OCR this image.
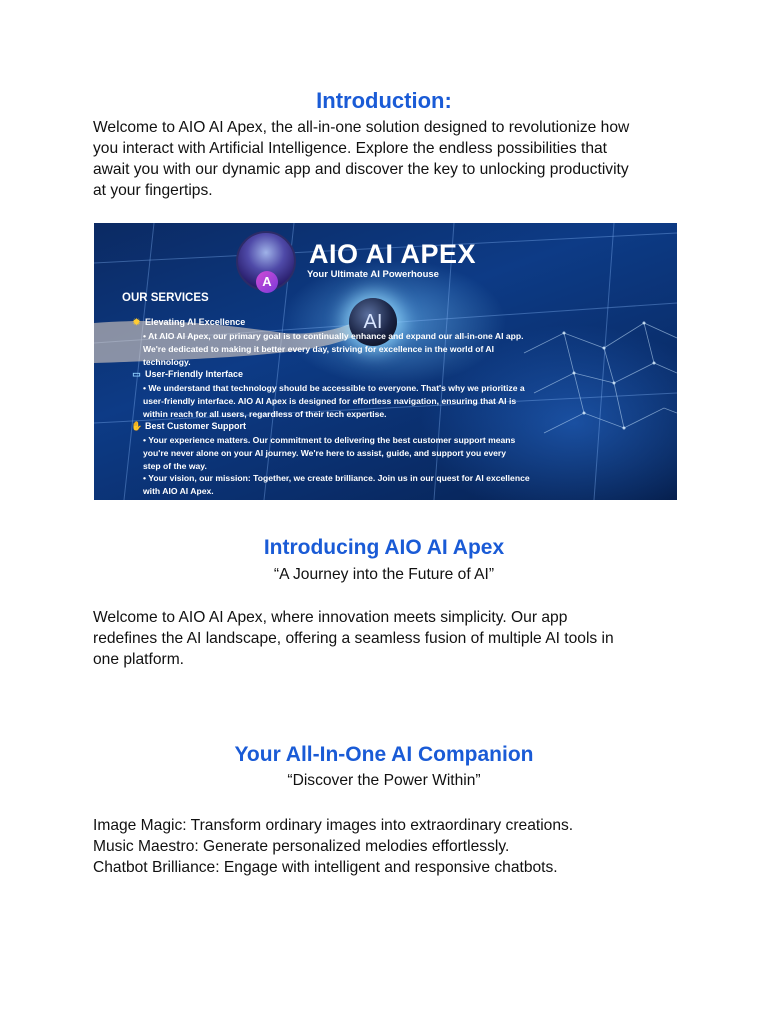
Introduction:
Welcome to AIO AI Apex, the all-in-one solution designed to revolutionize how
you interact with Artificial Intelligence. Explore the endless possibilities that
await you with our dynamic app and discover the key to unlocking productivity
at your fingertips.
A
AI
AIO AI APEX
Your Ultimate AI Powerhouse
OUR SERVICES
✹ Elevating AI Excellence
• At AIO AI Apex, our primary goal is to continually enhance and expand our all-in-one AI app.
We're dedicated to making it better every day, striving for excellence in the world of AI
technology.
▭ User-Friendly Interface
• We understand that technology should be accessible to everyone. That's why we prioritize a
user-friendly interface. AIO AI Apex is designed for effortless navigation, ensuring that AI is
within reach for all users, regardless of their tech expertise.
✋ Best Customer Support
• Your experience matters. Our commitment to delivering the best customer support means
you're never alone on your AI journey. We're here to assist, guide, and support you every
step of the way.
• Your vision, our mission: Together, we create brilliance. Join us in our quest for AI excellence
with AIO AI Apex.
Introducing AIO AI Apex
“A Journey into the Future of AI”
Welcome to AIO AI Apex, where innovation meets simplicity. Our app
redefines the AI landscape, offering a seamless fusion of multiple AI tools in
one platform.
Your All-In-One AI Companion
“Discover the Power Within”
Image Magic: Transform ordinary images into extraordinary creations.
Music Maestro: Generate personalized melodies effortlessly.
Chatbot Brilliance: Engage with intelligent and responsive chatbots.
